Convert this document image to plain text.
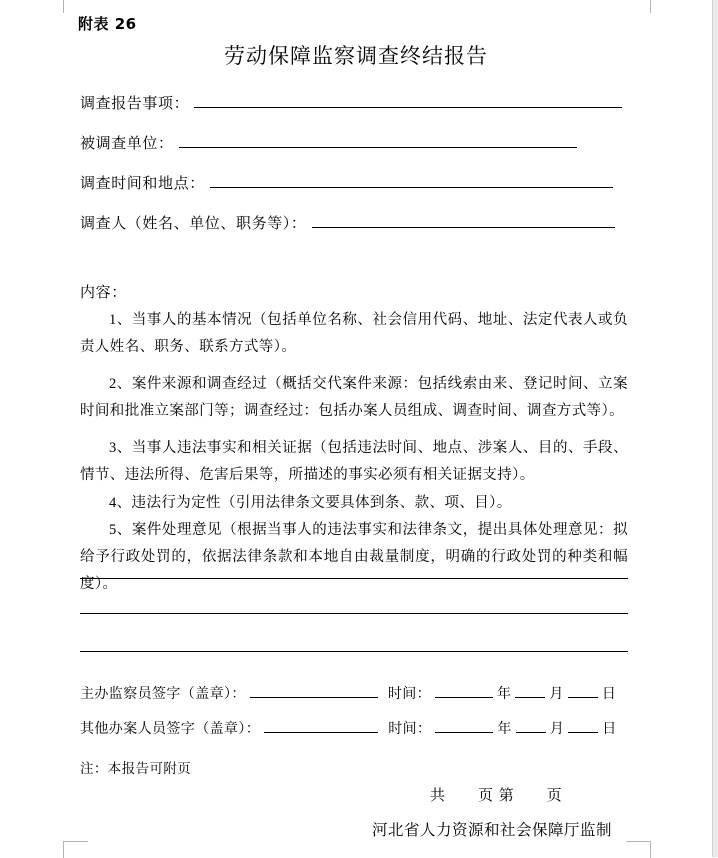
附表 26
劳动保障监察调查终结报告
调查报告事项：
被调查单位：
调查时间和地点：
调查人（姓名、单位、职务等）：
内容：
1、当事人的基本情况（包括单位名称、社会信用代码、地址、法定代表人或负责人姓名、职务、联系方式等）。
2、案件来源和调查经过（概括交代案件来源：包括线索由来、登记时间、立案时间和批准立案部门等；调查经过：包括办案人员组成、调查时间、调查方式等）。
3、当事人违法事实和相关证据（包括违法时间、地点、涉案人、目的、手段、情节、违法所得、危害后果等，所描述的事实必须有相关证据支持）。
4、违法行为定性（引用法律条文要具体到条、款、项、目）。
5、案件处理意见（根据当事人的违法事实和法律条文，提出具体处理意见：拟给予行政处罚的，依据法律条款和本地自由裁量制度，明确的行政处罚的种类和幅度）。
主办监察员签字（盖章）：	时间：	年	月	日
其他办案人员签字（盖章）：	时间：	年	月	日
注：本报告可附页
共　　页 第　　页
河北省人力资源和社会保障厅监制
